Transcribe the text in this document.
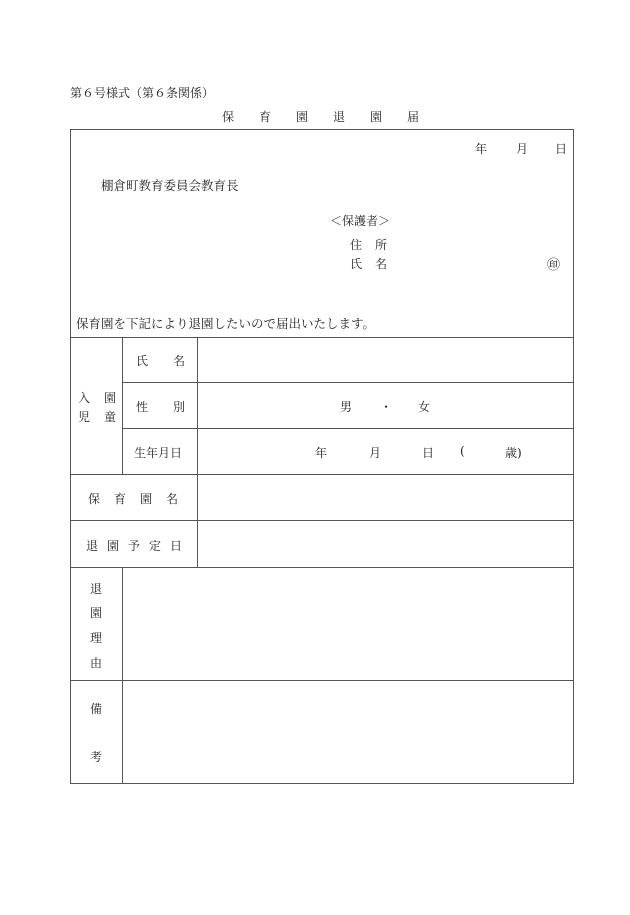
第６号様式（第６条関係）
保 育 園 退 園 届
年 月 日
棚倉町教育委員会教育長
＜保護者＞
住 所
氏 名	㊞
保育園を下記により退園したいので届出いたします。
入 園
児 童
氏 名
性 別	男 ・ 女
生年月日	年	月	日 (	歳)
保 育 園 名
退 園 予 定 日
退
園
理
由
備
考
